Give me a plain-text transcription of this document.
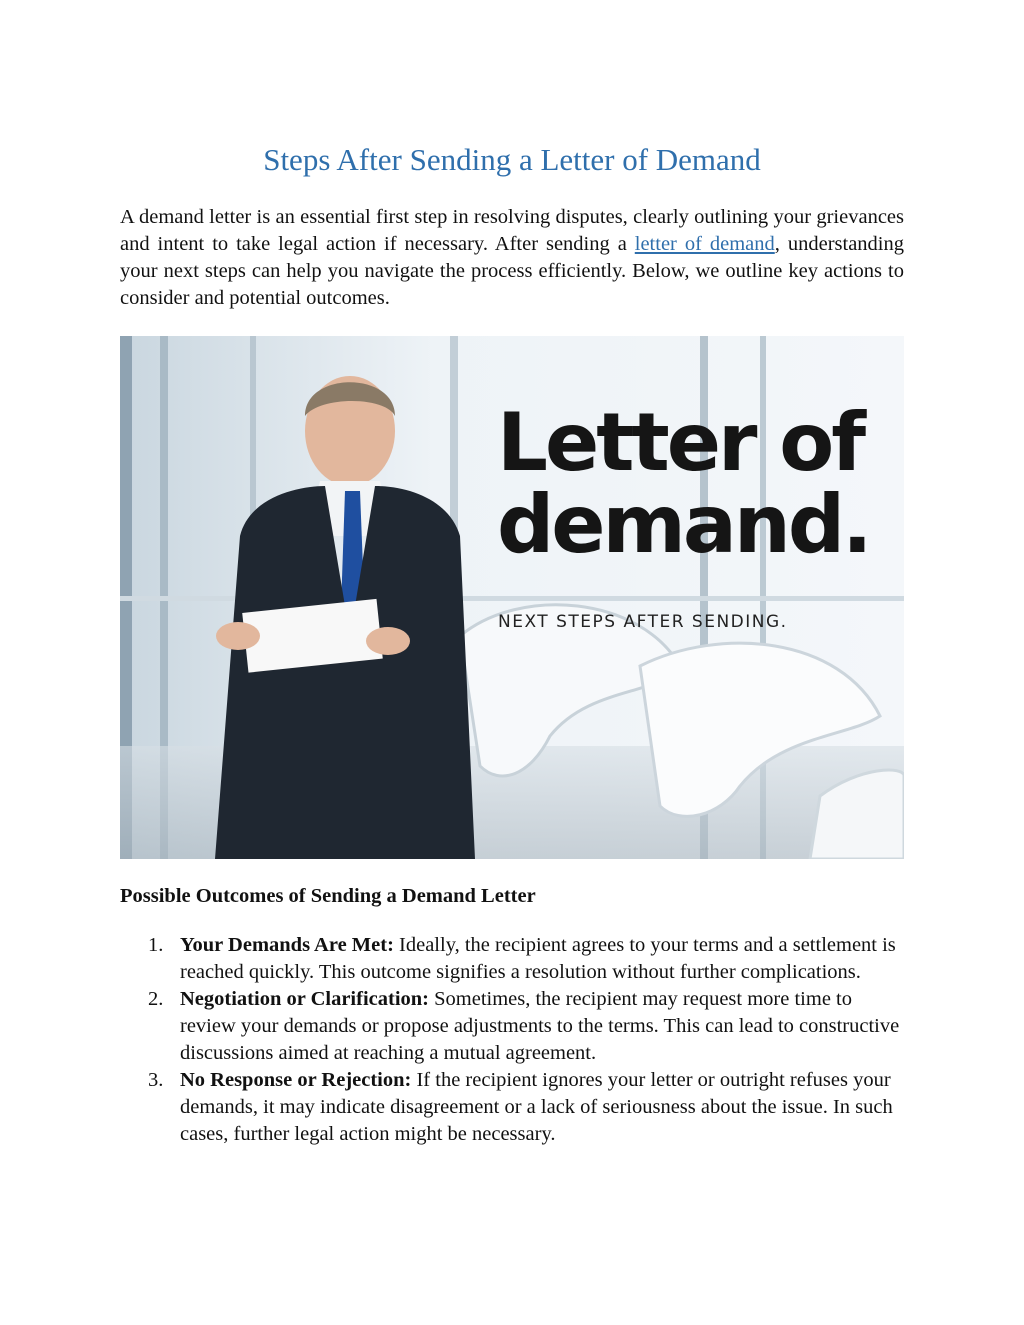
Steps After Sending a Letter of Demand

A demand letter is an essential first step in resolving disputes, clearly outlining your grievances and intent to take legal action if necessary. After sending a letter of demand, understanding your next steps can help you navigate the process efficiently. Below, we outline key actions to consider and potential outcomes.

Letter of
demand.
NEXT STEPS AFTER SENDING.
Possible Outcomes of Sending a Demand Letter
1. Your Demands Are Met: Ideally, the recipient agrees to your terms and a settlement is reached quickly. This outcome signifies a resolution without further complications.
2. Negotiation or Clarification: Sometimes, the recipient may request more time to review your demands or propose adjustments to the terms. This can lead to constructive discussions aimed at reaching a mutual agreement.
3. No Response or Rejection: If the recipient ignores your letter or outright refuses your demands, it may indicate disagreement or a lack of seriousness about the issue. In such cases, further legal action might be necessary.
